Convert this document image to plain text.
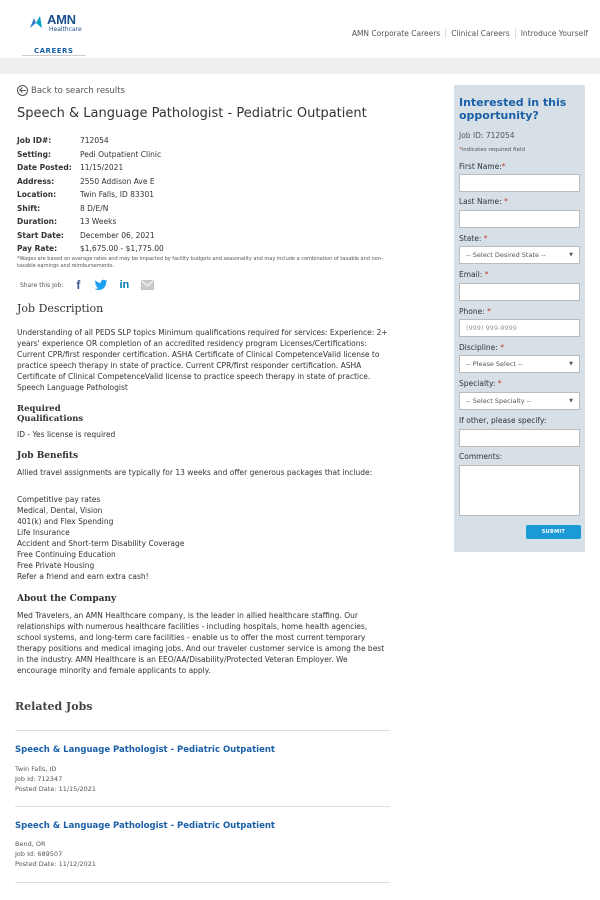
AMN
Healthcare
CAREERS
AMN Corporate Careers	Clinical Careers	Introduce Yourself
Back to search results
Speech & Language Pathologist - Pediatric Outpatient
Job ID#:	712054
Setting:	Pedi Outpatient Clinic
Date Posted:	11/15/2021
Address:	2550 Addison Ave E
Location:	Twin Falls, ID 83301
Shift:	8 D/E/N
Duration:	13 Weeks
Start Date:	December 06, 2021
Pay Rate:	$1,675.00 - $1,775.00

*Wages are based on average rates and may be impacted by facility budgets and seasonality and may include a combination of taxable and non-taxable earnings and reimbursements.

Share this Job:	f	in
Job Description

Understanding of all PEDS SLP topics Minimum qualifications required for services: Experience: 2+ years' experience OR completion of an accredited residency program Licenses/Certifications: Current CPR/first responder certification. ASHA Certificate of Clinical CompetenceValid license to practice speech therapy in state of practice. Current CPR/first responder certification. ASHA Certificate of Clinical CompetenceValid license to practice speech therapy in state of practice. Speech Language Pathologist

Required
Qualifications

ID - Yes license is required

Job Benefits

Allied travel assignments are typically for 13 weeks and offer generous packages that include:

Competitive pay rates
Medical, Dental, Vision
401(k) and Flex Spending
Life Insurance
Accident and Short-term Disability Coverage
Free Continuing Education
Free Private Housing
Refer a friend and earn extra cash!
About the Company

Med Travelers, an AMN Healthcare company, is the leader in allied healthcare staffing. Our relationships with numerous healthcare facilities - including hospitals, home health agencies, school systems, and long-term care facilities - enable us to offer the most current temporary therapy positions and medical imaging jobs. And our traveler customer service is among the best in the industry. AMN Healthcare is an EEO/AA/Disability/Protected Veteran Employer. We encourage minority and female applicants to apply.

Related Jobs
Speech & Language Pathologist - Pediatric Outpatient
Twin Falls, ID
Job Id: 712347
Posted Date: 11/15/2021
Speech & Language Pathologist - Pediatric Outpatient
Bend, OR
Job Id: 689507
Posted Date: 11/12/2021
Interested in this opportunity?
Job ID: 712054
*indicates required field
First Name:*
Last Name: *
State: *
-- Select Desired State --	▼
Email: *
Phone: *
(999) 999-9999
Discipline: *
-- Please Select --	▼
Specialty: *
-- Select Specialty --	▼
If other, please specify:
Comments:
SUBMIT
